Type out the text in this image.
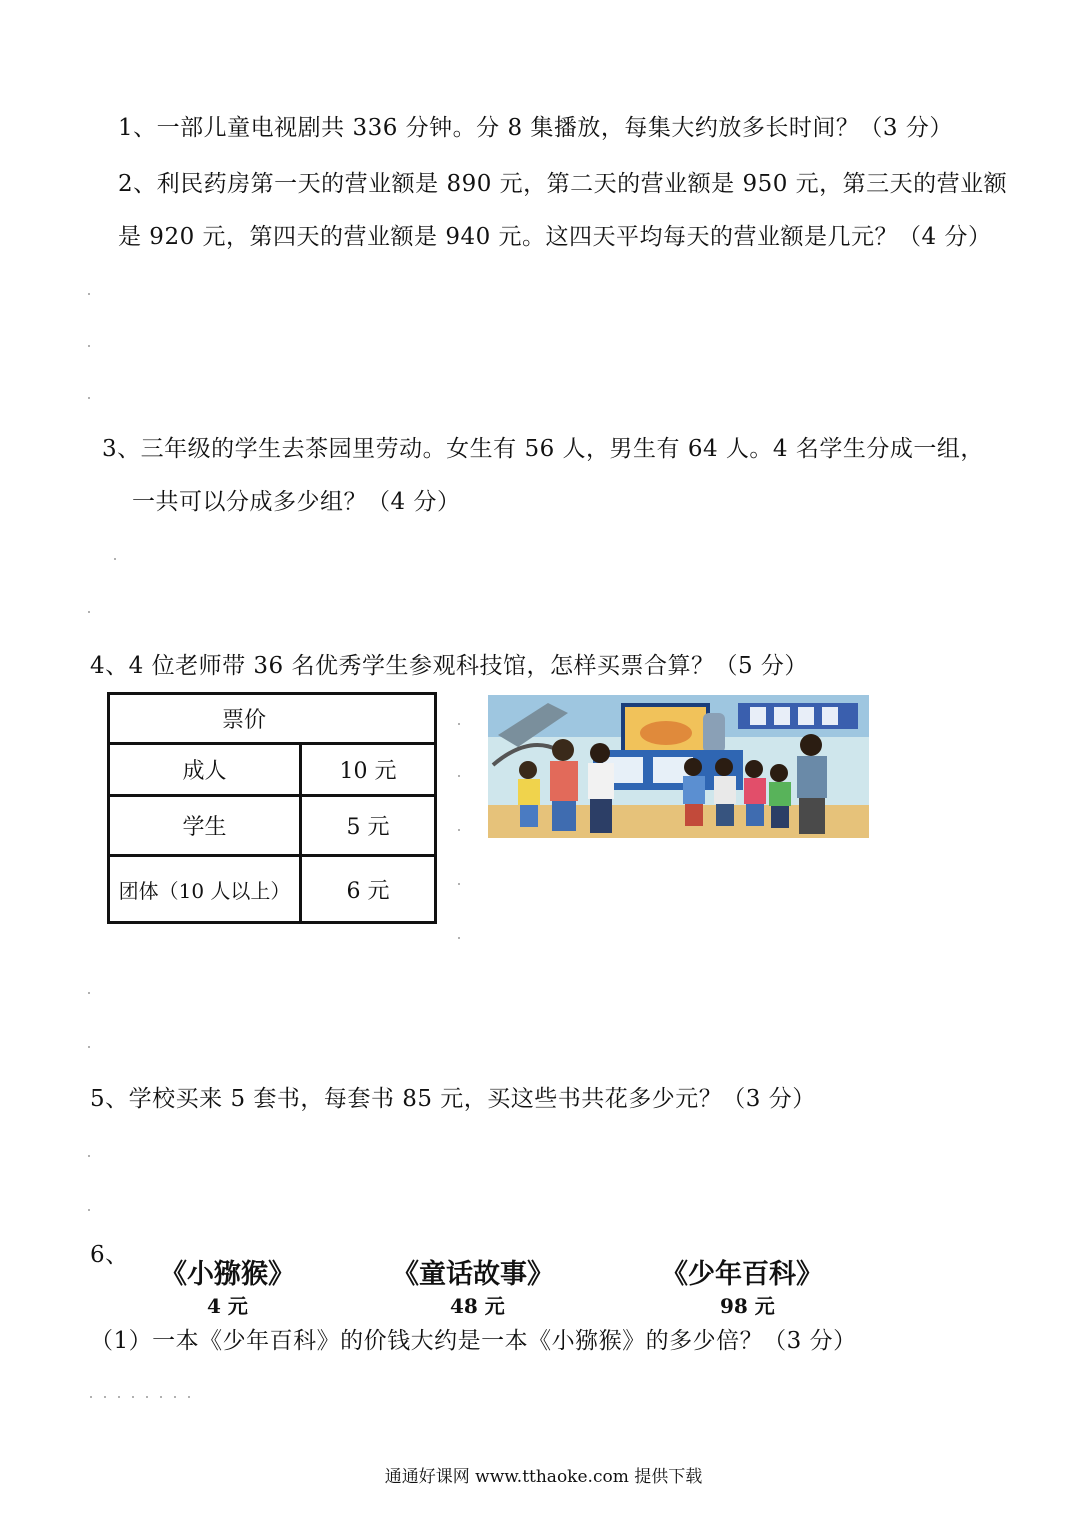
1、一部儿童电视剧共 336 分钟。分 8 集播放，每集大约放多长时间？（3 分）
2、利民药房第一天的营业额是 890 元，第二天的营业额是 950 元，第三天的营业额
是 920 元，第四天的营业额是 940 元。这四天平均每天的营业额是几元？（4 分）
3、三年级的学生去茶园里劳动。女生有 56 人，男生有 64 人。4 名学生分成一组，
一共可以分成多少组？（4 分）
4、4 位老师带 36 名优秀学生参观科技馆，怎样买票合算？（5 分）
票价	
成人	10 元
学生	5 元
团体（10 人以上）	6 元
5、学校买来 5 套书，每套书 85 元，买这些书共花多少元？（3 分）
6、
《小猕猴》
4 元
《童话故事》
48 元
《少年百科》
98 元
（1）一本《少年百科》的价钱大约是一本《小猕猴》的多少倍？（3 分）
通通好课网 www.tthaoke.com 提供下载
